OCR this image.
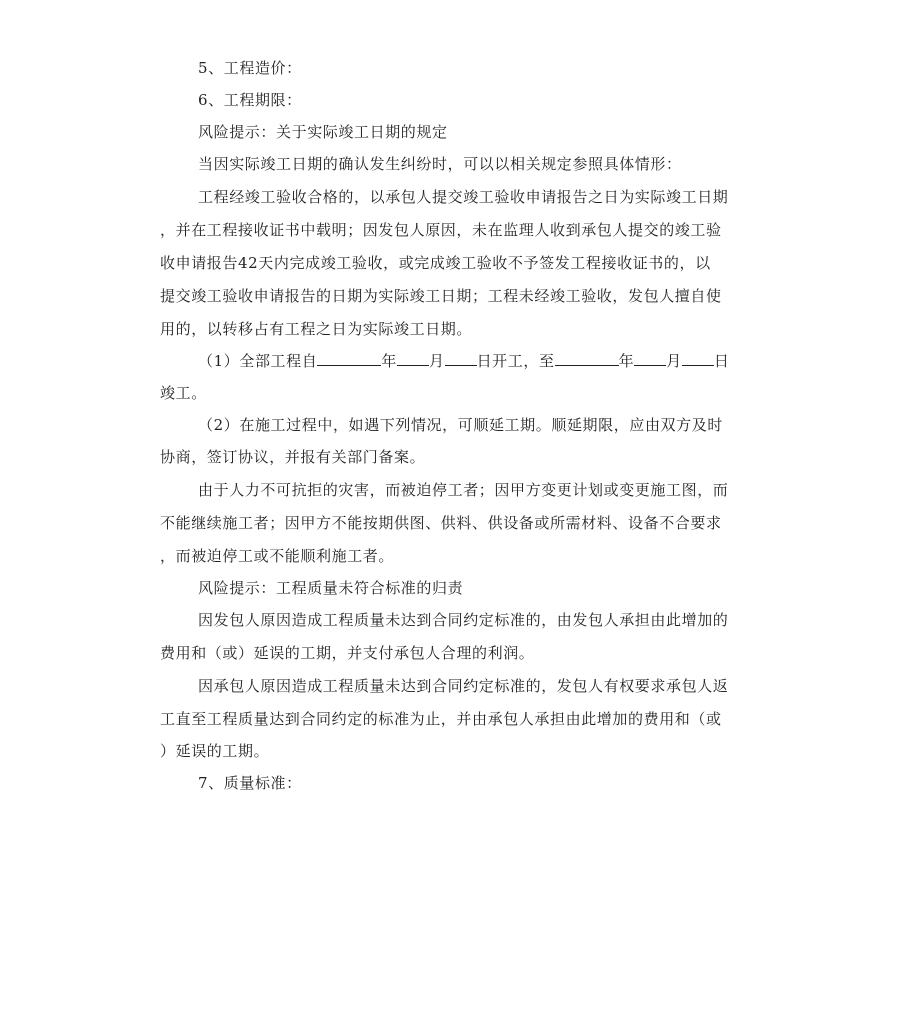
5、工程造价：
6、工程期限：
风险提示：关于实际竣工日期的规定
当因实际竣工日期的确认发生纠纷时，可以以相关规定参照具体情形：
工程经竣工验收合格的，以承包人提交竣工验收申请报告之日为实际竣工日期
，并在工程接收证书中载明；因发包人原因，未在监理人收到承包人提交的竣工验
收申请报告42天内完成竣工验收，或完成竣工验收不予签发工程接收证书的，以
提交竣工验收申请报告的日期为实际竣工日期；工程未经竣工验收，发包人擅自使
用的，以转移占有工程之日为实际竣工日期。
（1）全部工程自	年 月 日开工，至	年 月 日
竣工。
（2）在施工过程中，如遇下列情况，可顺延工期。顺延期限，应由双方及时
协商，签订协议，并报有关部门备案。
由于人力不可抗拒的灾害，而被迫停工者；因甲方变更计划或变更施工图，而
不能继续施工者；因甲方不能按期供图、供料、供设备或所需材料、设备不合要求
，而被迫停工或不能顺利施工者。
风险提示：工程质量未符合标准的归责
因发包人原因造成工程质量未达到合同约定标准的，由发包人承担由此增加的
费用和（或）延误的工期，并支付承包人合理的利润。
因承包人原因造成工程质量未达到合同约定标准的，发包人有权要求承包人返
工直至工程质量达到合同约定的标准为止，并由承包人承担由此增加的费用和（或
）延误的工期。
7、质量标准：
